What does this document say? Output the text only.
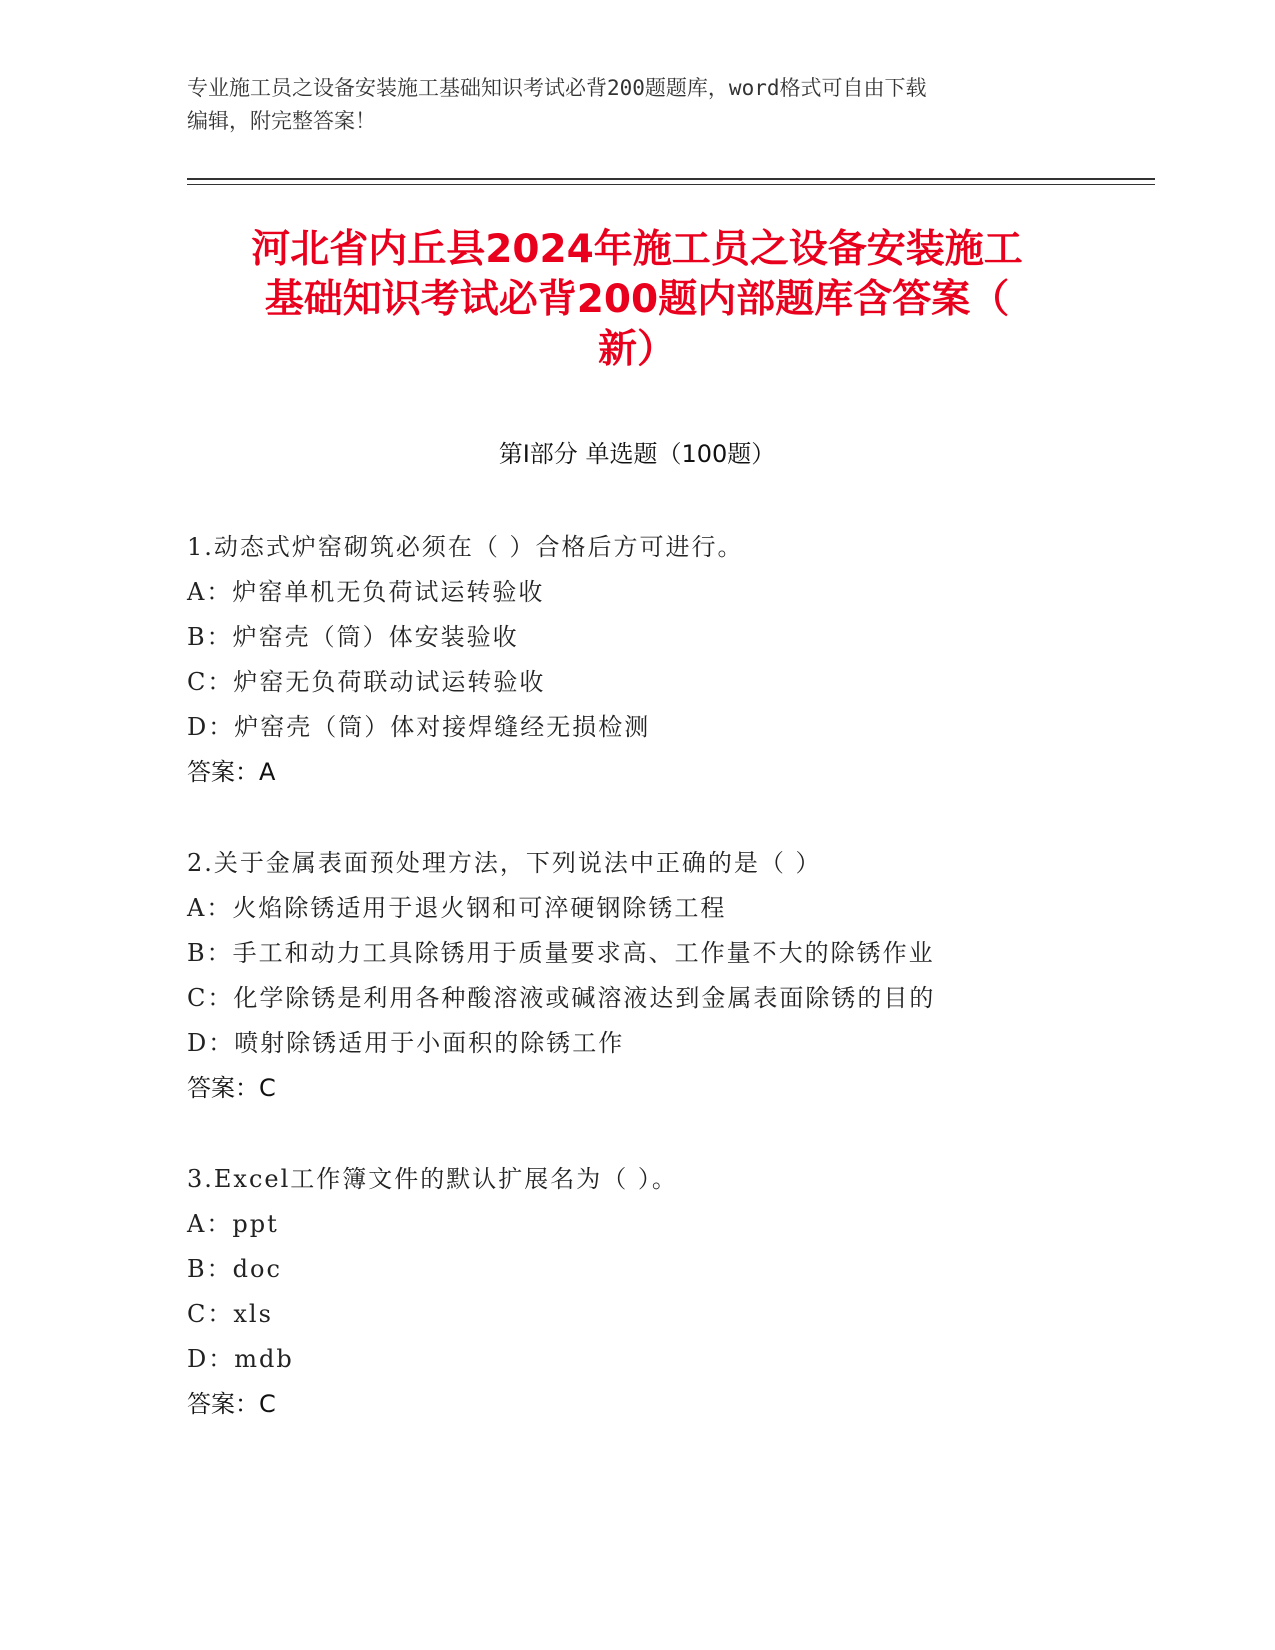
专业施工员之设备安装施工基础知识考试必背200题题库，word格式可自由下载
编辑，附完整答案！
河北省内丘县2024年施工员之设备安装施工
基础知识考试必背200题内部题库含答案（
新）
第Ⅰ部分 单选题（100题）
1.动态式炉窑砌筑必须在（ ）合格后方可进行。
A：炉窑单机无负荷试运转验收
B：炉窑壳（筒）体安装验收
C：炉窑无负荷联动试运转验收
D：炉窑壳（筒）体对接焊缝经无损检测
答案：A
2.关于金属表面预处理方法，下列说法中正确的是（ ）
A：火焰除锈适用于退火钢和可淬硬钢除锈工程
B：手工和动力工具除锈用于质量要求高、工作量不大的除锈作业
C：化学除锈是利用各种酸溶液或碱溶液达到金属表面除锈的目的
D：喷射除锈适用于小面积的除锈工作
答案：C
3.Excel工作簿文件的默认扩展名为（ ）。
A：ppt
B：doc
C：xls
D：mdb
答案：C
